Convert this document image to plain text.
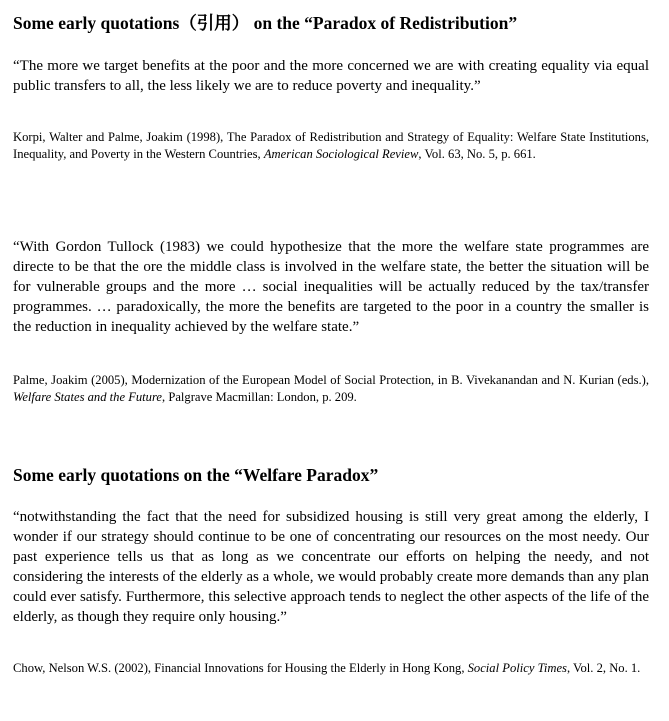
Some early quotations（引用） on the “Paradox of Redistribution”

“The more we target benefits at the poor and the more concerned we are with creating equality via equal public transfers to all, the less likely we are to reduce poverty and inequality.”

Korpi, Walter and Palme, Joakim (1998), The Paradox of Redistribution and Strategy of Equality: Welfare State Institutions, Inequality, and Poverty in the Western Countries, American Sociological Review, Vol. 63, No. 5, p. 661.

“With Gordon Tullock (1983) we could hypothesize that the more the welfare state programmes are directe to be that the ore the middle class is involved in the welfare state, the better the situation will be for vulnerable groups and the more … social inequalities will be actually reduced by the tax/transfer programmes. … paradoxically, the more the benefits are targeted to the poor in a country the smaller is the reduction in inequality achieved by the welfare state.”

Palme, Joakim (2005), Modernization of the European Model of Social Protection, in B. Vivekanandan and N. Kurian (eds.), Welfare States and the Future, Palgrave Macmillan: London, p. 209.

Some early quotations on the “Welfare Paradox”

“notwithstanding the fact that the need for subsidized housing is still very great among the elderly, I wonder if our strategy should continue to be one of concentrating our resources on the most needy. Our past experience tells us that as long as we concentrate our efforts on helping the needy, and not considering the interests of the elderly as a whole, we would probably create more demands than any plan could ever satisfy. Furthermore, this selective approach tends to neglect the other aspects of the life of the elderly, as though they require only housing.”

Chow, Nelson W.S. (2002), Financial Innovations for Housing the Elderly in Hong Kong, Social Policy Times, Vol. 2, No. 1.
